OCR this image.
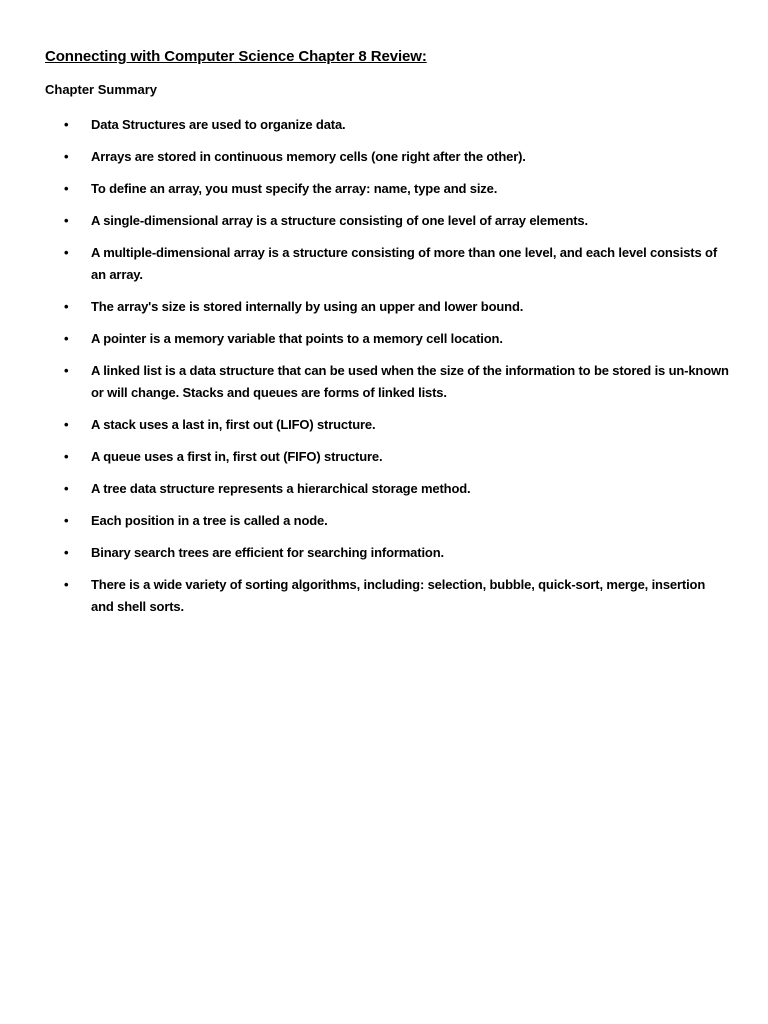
Connecting with Computer Science Chapter 8 Review:
Chapter Summary
•	Data Structures are used to organize data.
•	Arrays are stored in continuous memory cells (one right after the other).
•	To define an array, you must specify the array: name, type and size.
•	A single-dimensional array is a structure consisting of one level of array elements.
•	A multiple-dimensional array is a structure consisting of more than one level, and each level consists of an array.
•	The array's size is stored internally by using an upper and lower bound.
•	A pointer is a memory variable that points to a memory cell location.
•	A linked list is a data structure that can be used when the size of the information to be stored is un-known or will change. Stacks and queues are forms of linked lists.
•	A stack uses a last in, first out (LIFO) structure.
•	A queue uses a first in, first out (FIFO) structure.
•	A tree data structure represents a hierarchical storage method.
•	Each position in a tree is called a node.
•	Binary search trees are efficient for searching information.
•	There is a wide variety of sorting algorithms, including: selection, bubble, quick-sort, merge, insertion and shell sorts.
